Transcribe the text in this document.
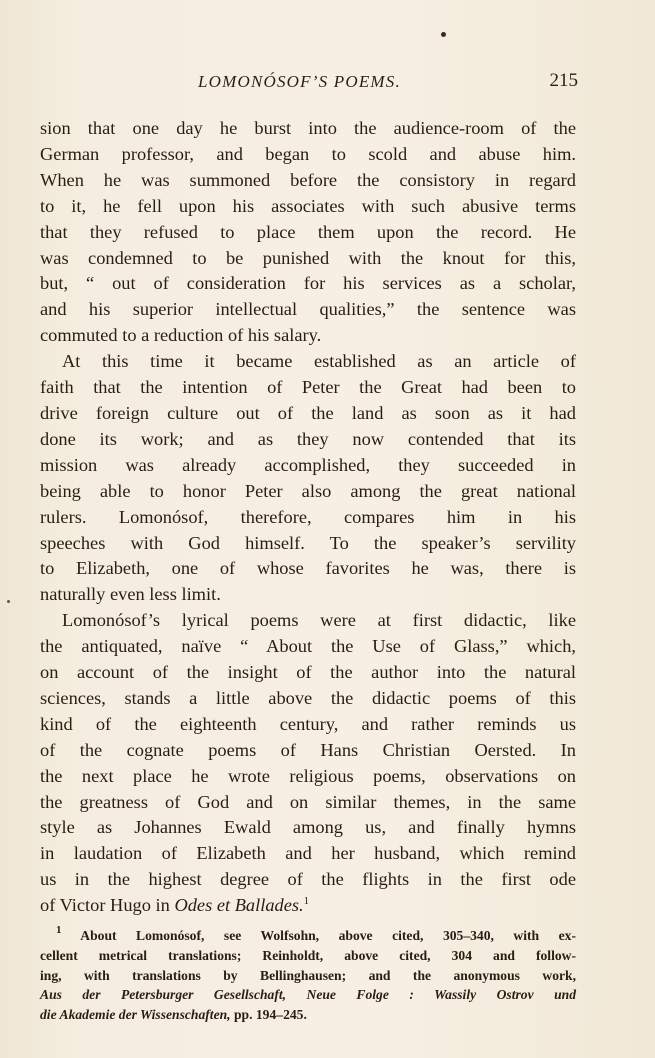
LOMONÓSOF’S POEMS.	215
sion that one day he burst into the audience-room of the
German professor, and began to scold and abuse him.
When he was summoned before the consistory in regard
to it, he fell upon his associates with such abusive terms
that they refused to place them upon the record. He
was condemned to be punished with the knout for this,
but, “ out of consideration for his services as a scholar,
and his superior intellectual qualities,” the sentence was
commuted to a reduction of his salary.
At this time it became established as an article of
faith that the intention of Peter the Great had been to
drive foreign culture out of the land as soon as it had
done its work; and as they now contended that its
mission was already accomplished, they succeeded in
being able to honor Peter also among the great national
rulers. Lomonósof, therefore, compares him in his
speeches with God himself. To the speaker’s servility
to Elizabeth, one of whose favorites he was, there is
naturally even less limit.
Lomonósof’s lyrical poems were at first didactic, like
the antiquated, naïve “ About the Use of Glass,” which,
on account of the insight of the author into the natural
sciences, stands a little above the didactic poems of this
kind of the eighteenth century, and rather reminds us
of the cognate poems of Hans Christian Oersted. In
the next place he wrote religious poems, observations on
the greatness of God and on similar themes, in the same
style as Johannes Ewald among us, and finally hymns
in laudation of Elizabeth and her husband, which remind
us in the highest degree of the flights in the first ode
of Victor Hugo in Odes et Ballades.$^1$
$^1$ About Lomonósof, see Wolfsohn, above cited, 305–340, with ex-
cellent metrical translations; Reinholdt, above cited, 304 and follow-
ing, with translations by Bellinghausen; and the anonymous work,
Aus der Petersburger Gesellschaft, Neue Folge : Wassily Ostrov und
die Akademie der Wissenschaften, pp. 194–245.
